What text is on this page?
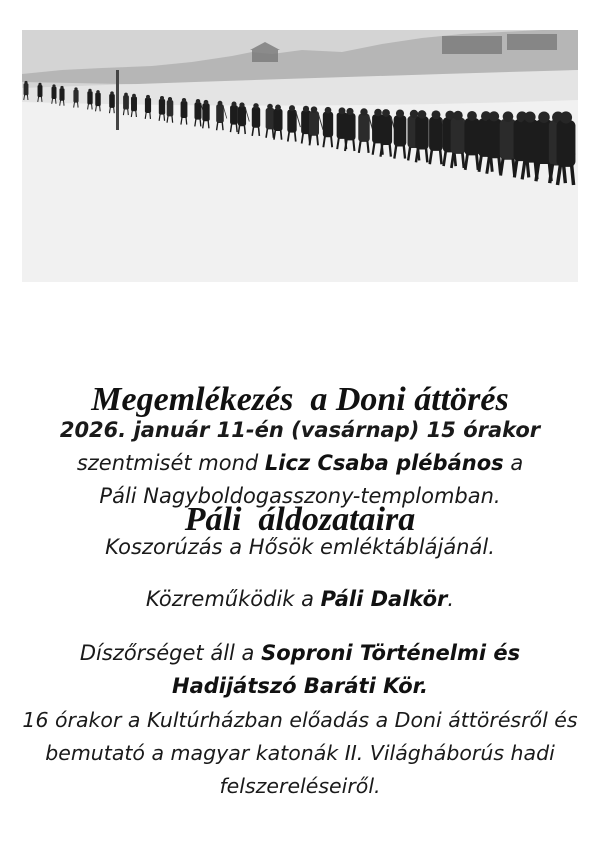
Megemlékezés  a Doni áttörés

Páli  áldozataira

2026. január 11-én (vasárnap) 15 órakor
szentmisét mond Licz Csaba plébános a
Páli Nagyboldogasszony-templomban.

Koszorúzás a Hősök emléktáblájánál.

Közreműködik a Páli Dalkör.

Díszőrséget áll a Soproni Történelmi és
Hadijátszó Baráti Kör.

16 órakor a Kultúrházban előadás a Doni áttörésről és
bemutató a magyar katonák II. Világháborús hadi
felszereléseiről.
